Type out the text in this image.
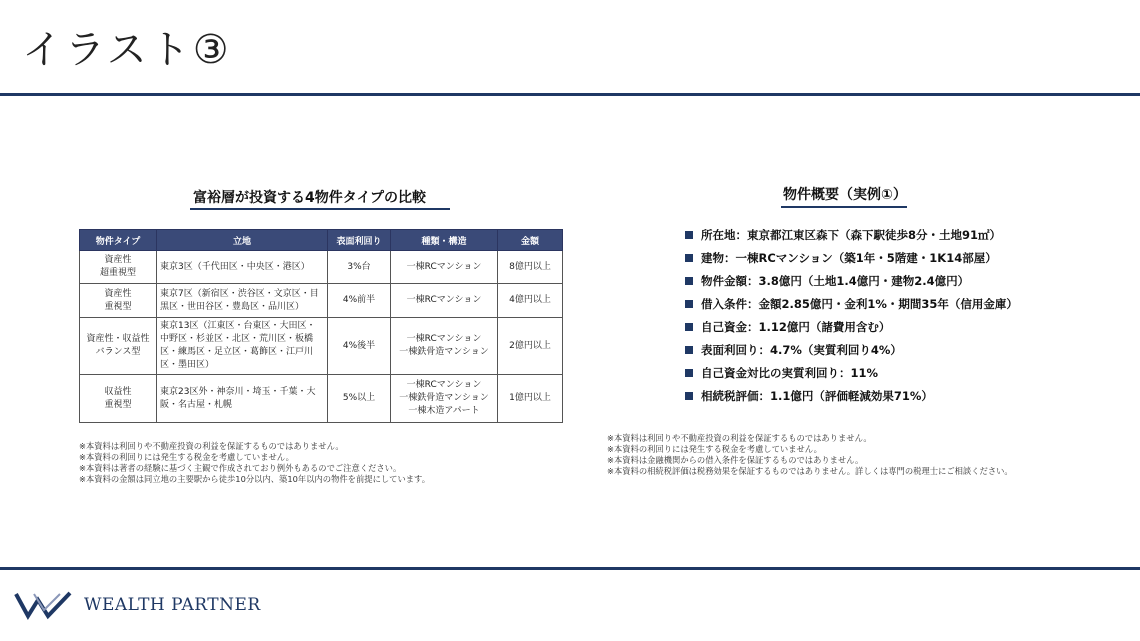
イラスト③
富裕層が投資する4物件タイプの比較
物件タイプ	立地	表面利回り	種類・構造	金額
資産性
超重視型	東京3区（千代田区・中央区・港区）	3%台	一棟RCマンション	8億円以上
資産性
重視型	東京7区（新宿区・渋谷区・文京区・目黒区・世田谷区・豊島区・品川区）	4%前半	一棟RCマンション	4億円以上
資産性・収益性
バランス型	東京13区（江東区・台東区・大田区・中野区・杉並区・北区・荒川区・板橋区・練馬区・足立区・葛飾区・江戸川区・墨田区）	4%後半	一棟RCマンション
一棟鉄骨造マンション	2億円以上
収益性
重視型	東京23区外・神奈川・埼玉・千葉・大阪・名古屋・札幌	5%以上	一棟RCマンション
一棟鉄骨造マンション
一棟木造アパート	1億円以上
※本資料は利回りや不動産投資の利益を保証するものではありません。
※本資料の利回りには発生する税金を考慮していません。
※本資料は著者の経験に基づく主観で作成されており例外もあるのでご注意ください。
※本資料の金額は同立地の主要駅から徒歩10分以内、築10年以内の物件を前提にしています。
物件概要（実例①）
所在地：東京都江東区森下（森下駅徒歩8分・土地91㎡）
建物：一棟RCマンション（築1年・5階建・1K14部屋）
物件金額：3.8億円（土地1.4億円・建物2.4億円）
借入条件：金額2.85億円・金利1%・期間35年（信用金庫）
自己資金：1.12億円（諸費用含む）
表面利回り：4.7%（実質利回り4%）
自己資金対比の実質利回り：11%
相続税評価：1.1億円（評価軽減効果71%）
※本資料は利回りや不動産投資の利益を保証するものではありません。
※本資料の利回りには発生する税金を考慮していません。
※本資料は金融機関からの借入条件を保証するものではありません。
※本資料の相続税評価は税務効果を保証するものではありません。詳しくは専門の税理士にご相談ください。
WEALTH PARTNER
